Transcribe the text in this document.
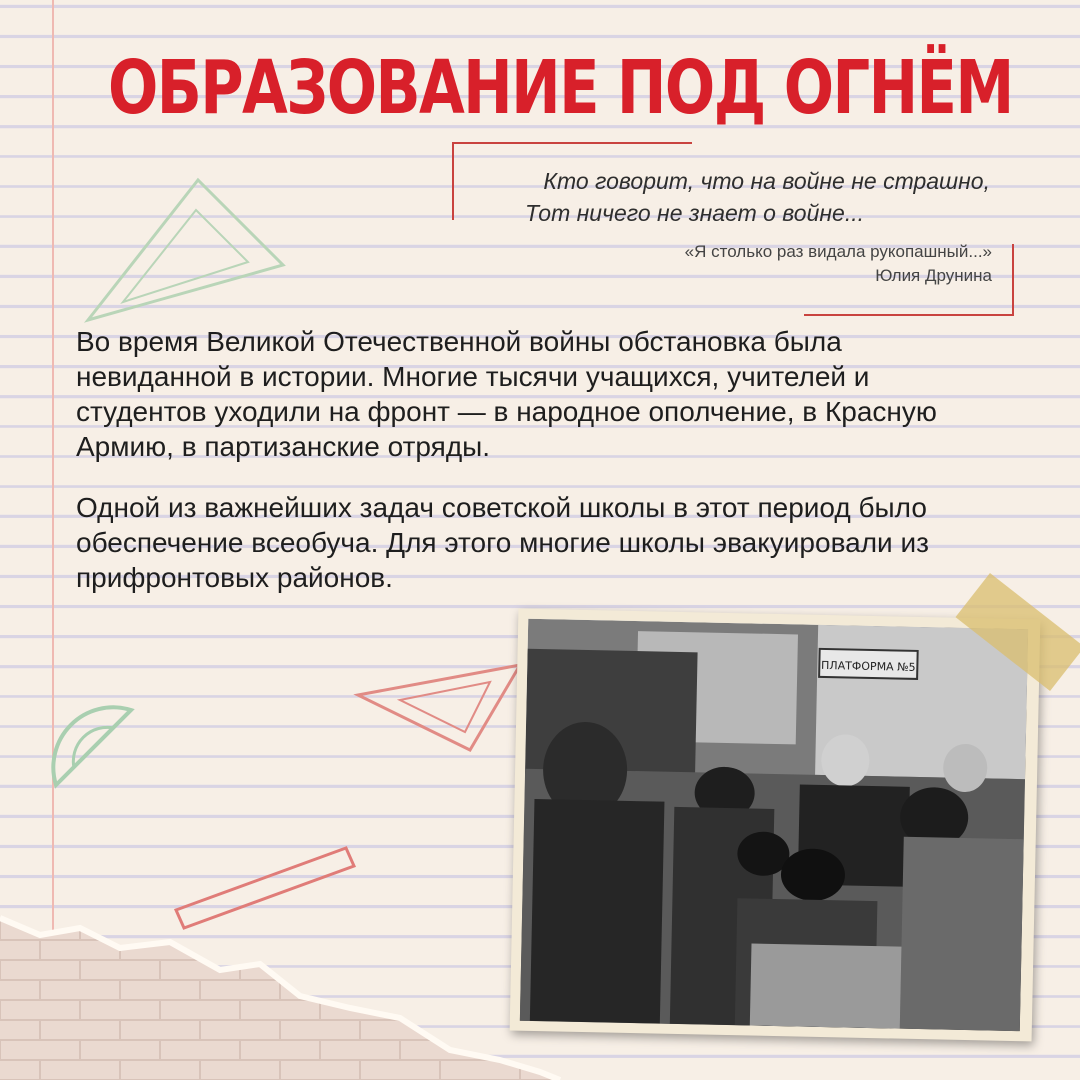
ОБРАЗОВАНИЕ ПОД ОГНЁМ
Кто говорит, что на войне не страшно,
Тот ничего не знает о войне...
«Я столько раз видала рукопашный...»
Юлия Друнина

Во время Великой Отечественной войны обстановка была невиданной в истории. Многие тысячи учащихся, учителей и студентов уходили на фронт — в народное ополчение, в Красную Армию, в партизанские отряды.

Одной из важнейших задач советской школы в этот период было обеспечение всеобуча. Для этого многие школы эвакуировали из прифронтовых районов.

ПЛАТФОРМА №5
